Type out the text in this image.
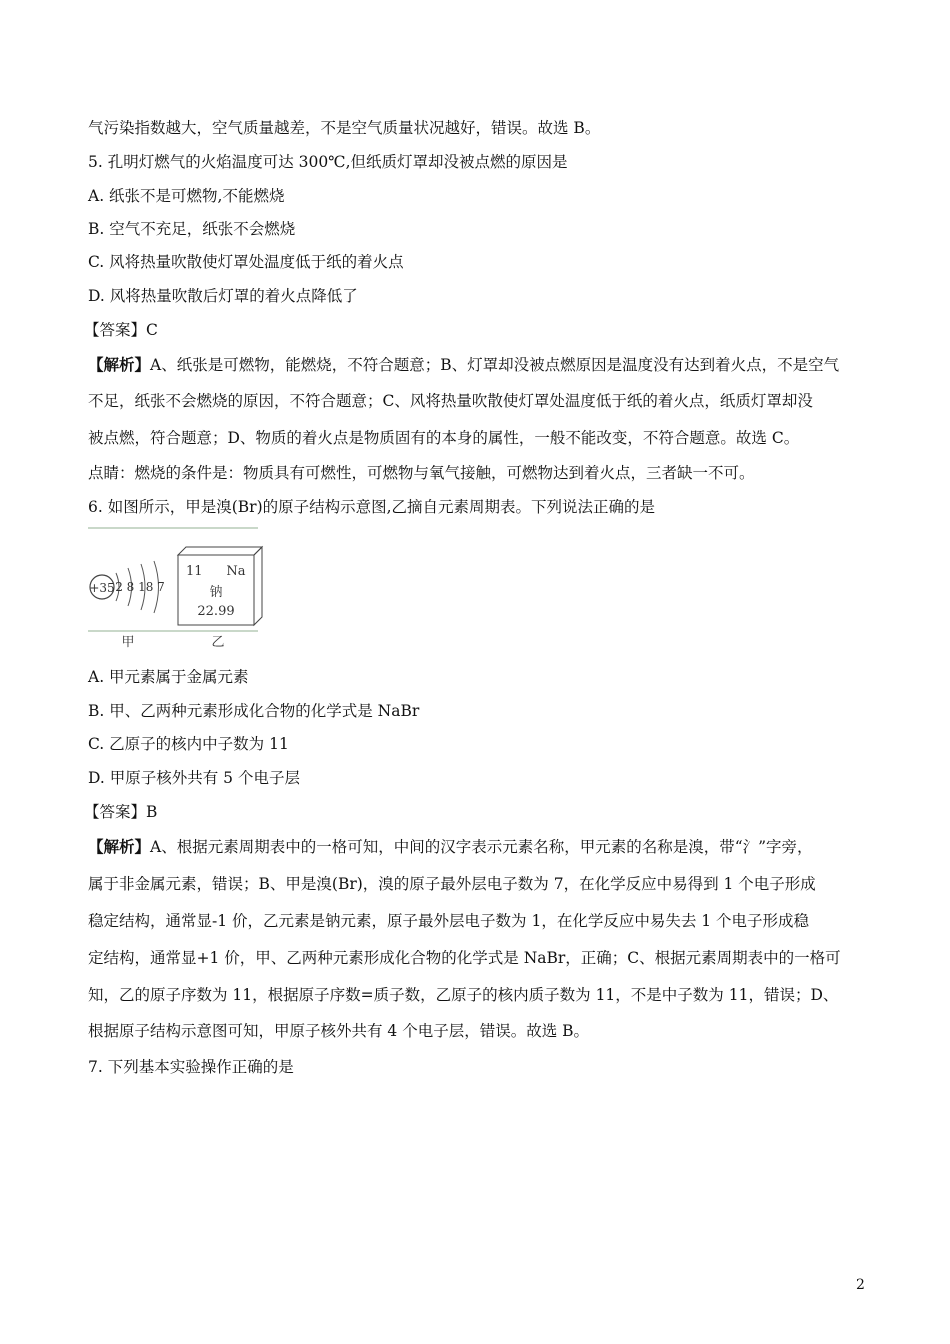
气污染指数越大，空气质量越差，不是空气质量状况越好，错误。故选 B。
5. 孔明灯燃气的火焰温度可达 300℃,但纸质灯罩却没被点燃的原因是
A. 纸张不是可燃物,不能燃烧
B. 空气不充足，纸张不会燃烧
C. 风将热量吹散使灯罩处温度低于纸的着火点
D. 风将热量吹散后灯罩的着火点降低了
【答案】C
【解析】A、纸张是可燃物，能燃烧，不符合题意；B、灯罩却没被点燃原因是温度没有达到着火点，不是空气
不足，纸张不会燃烧的原因，不符合题意；C、风将热量吹散使灯罩处温度低于纸的着火点，纸质灯罩却没
被点燃，符合题意；D、物质的着火点是物质固有的本身的属性，一般不能改变，不符合题意。故选 C。
点睛：燃烧的条件是：物质具有可燃性，可燃物与氧气接触，可燃物达到着火点，三者缺一不可。
6. 如图所示，甲是溴(Br)的原子结构示意图,乙摘自元素周期表。下列说法正确的是
+35 2 8 18 7
11 Na
钠
22.99
甲	乙
A. 甲元素属于金属元素
B. 甲、乙两种元素形成化合物的化学式是 NaBr
C. 乙原子的核内中子数为 11
D. 甲原子核外共有 5 个电子层
【答案】B
【解析】A、根据元素周期表中的一格可知，中间的汉字表示元素名称，甲元素的名称是溴，带“氵”字旁，
属于非金属元素，错误；B、甲是溴(Br)，溴的原子最外层电子数为 7，在化学反应中易得到 1 个电子形成
稳定结构，通常显-1 价，乙元素是钠元素，原子最外层电子数为 1，在化学反应中易失去 1 个电子形成稳
定结构，通常显+1 价，甲、乙两种元素形成化合物的化学式是 NaBr，正确；C、根据元素周期表中的一格可
知，乙的原子序数为 11，根据原子序数=质子数，乙原子的核内质子数为 11，不是中子数为 11，错误；D、
根据原子结构示意图可知，甲原子核外共有 4 个电子层，错误。故选 B。
7. 下列基本实验操作正确的是
2
